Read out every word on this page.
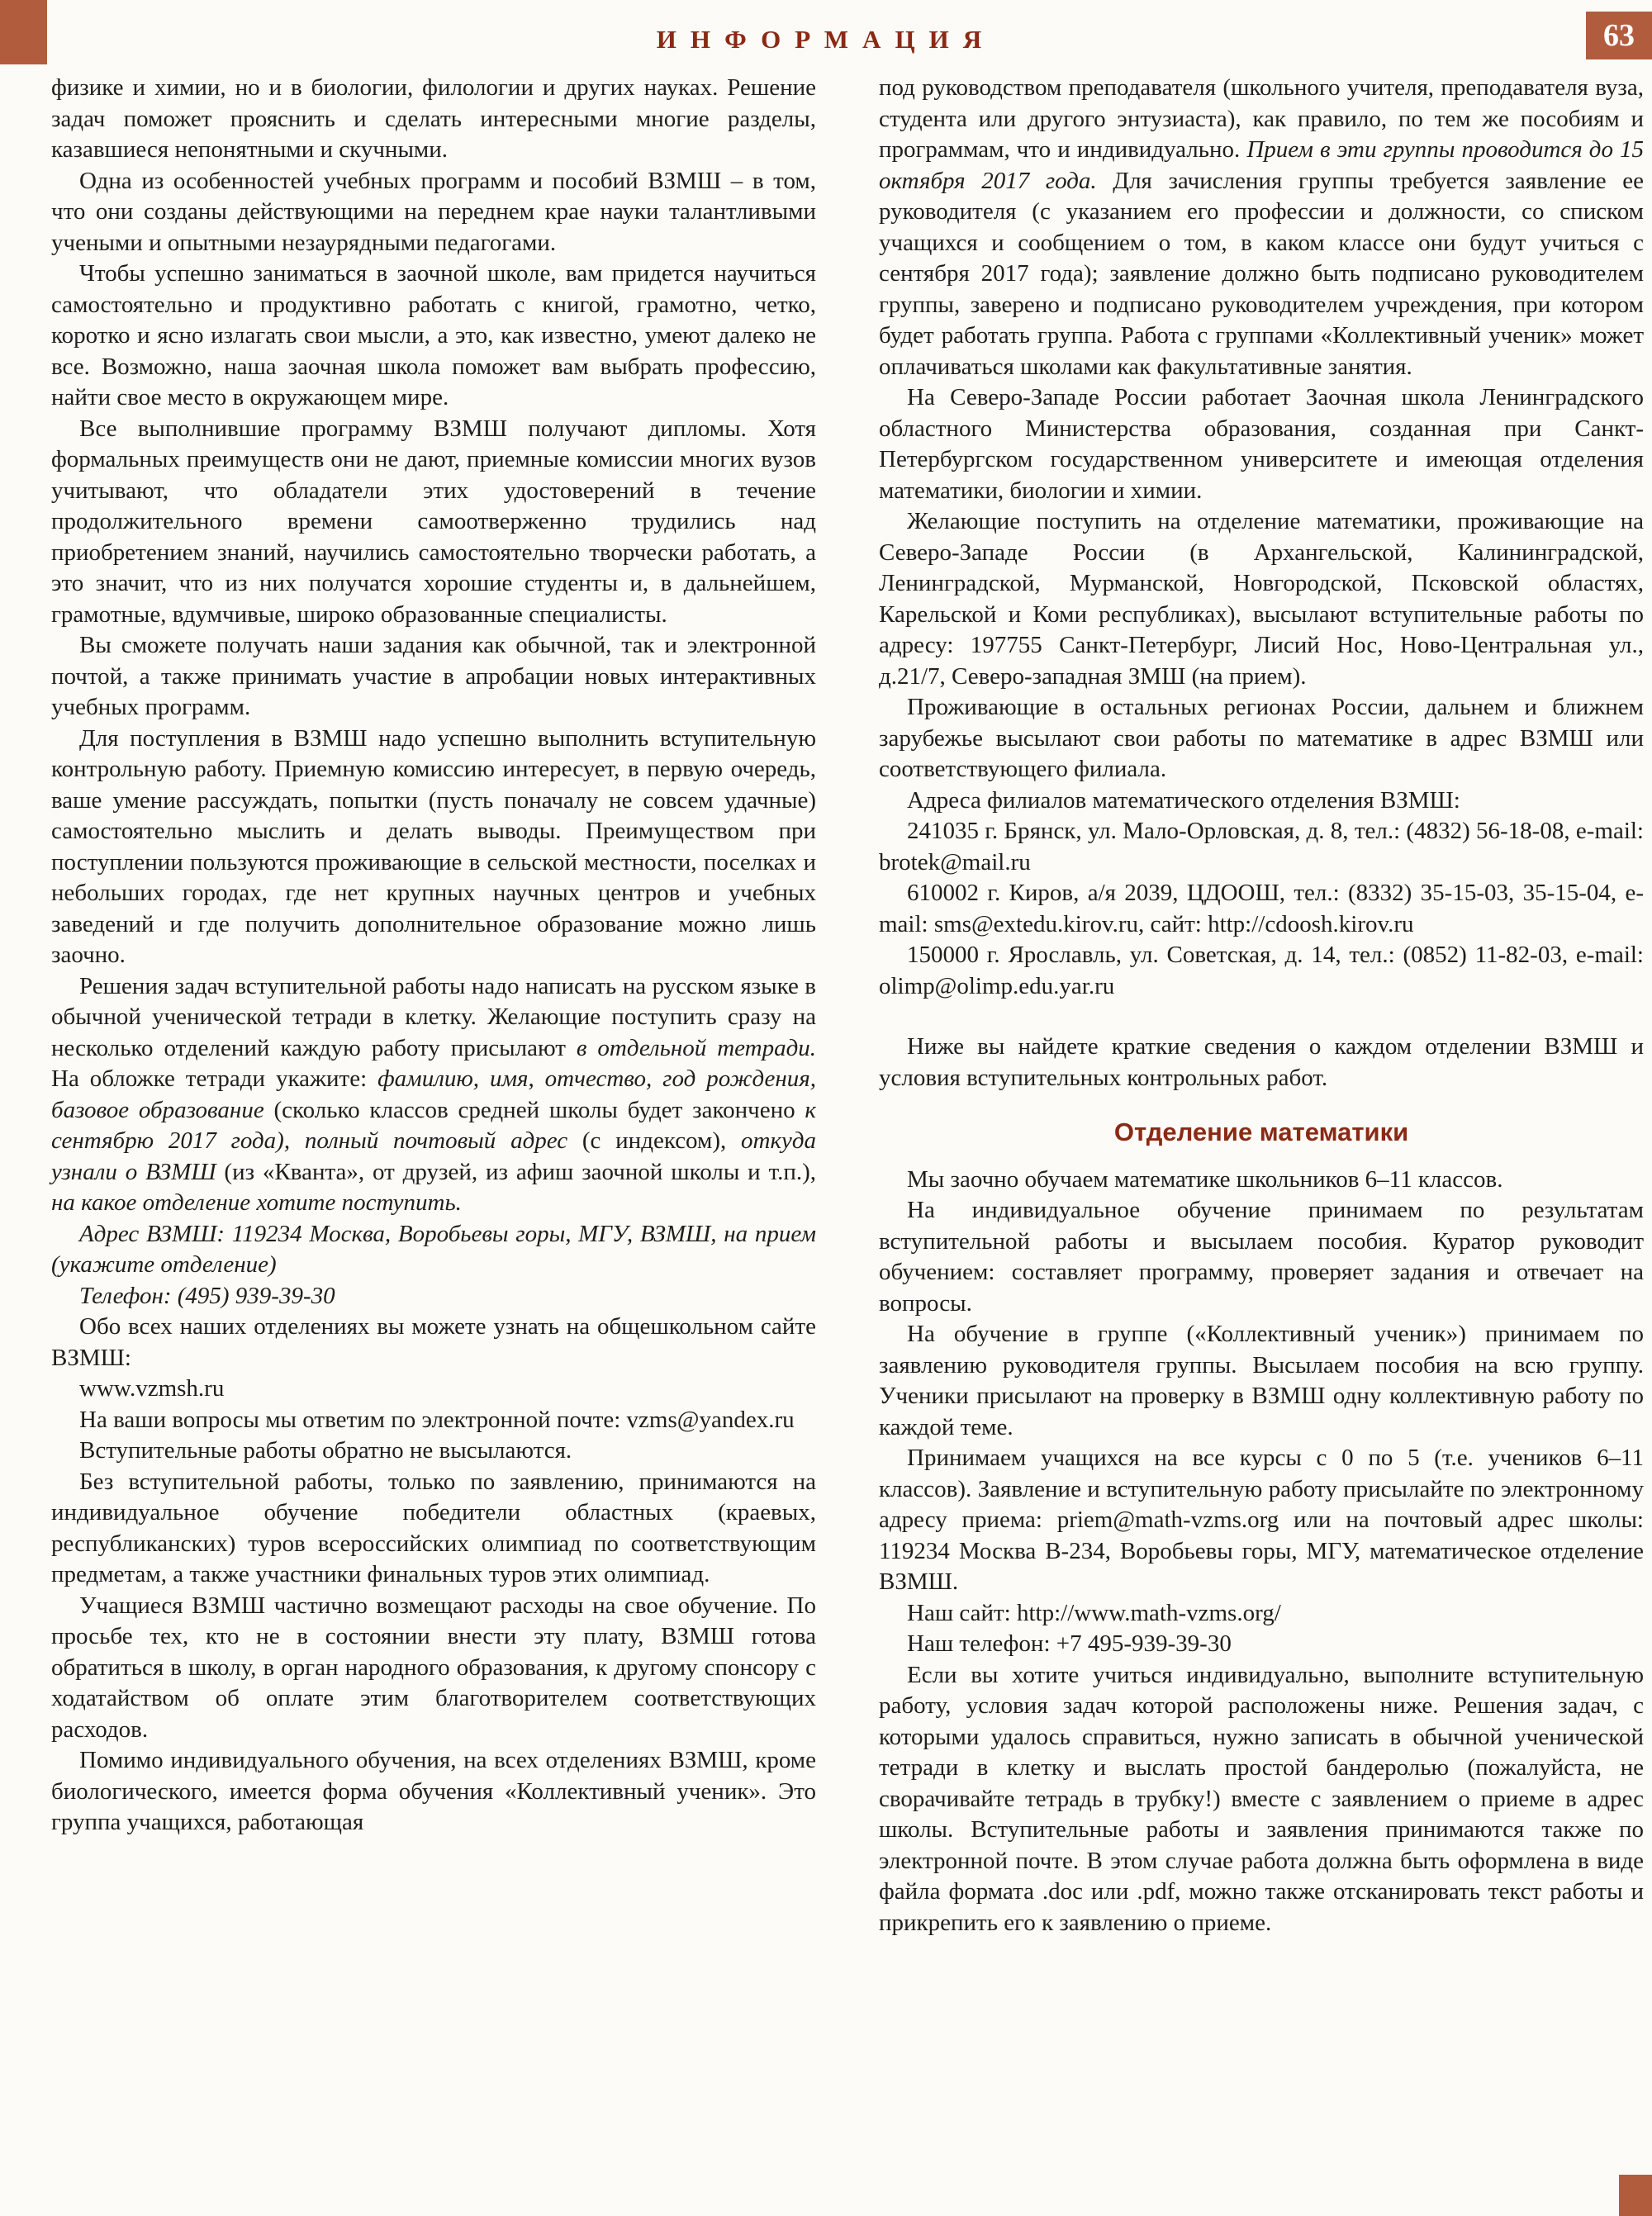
ИНФОРМАЦИЯ	63

физике и химии, но и в биологии, филологии и других науках. Решение задач поможет прояснить и сделать интересными многие разделы, казавшиеся непонятными и скучными.

Одна из особенностей учебных программ и пособий ВЗМШ – в том, что они созданы действующими на переднем крае науки талантливыми учеными и опытными незаурядными педагогами.

Чтобы успешно заниматься в заочной школе, вам придется научиться самостоятельно и продуктивно работать с книгой, грамотно, четко, коротко и ясно излагать свои мысли, а это, как известно, умеют далеко не все. Возможно, наша заочная школа поможет вам выбрать профессию, найти свое место в окружающем мире.

Все выполнившие программу ВЗМШ получают дипломы. Хотя формальных преимуществ они не дают, приемные комиссии многих вузов учитывают, что обладатели этих удостоверений в течение продолжительного времени самоотверженно трудились над приобретением знаний, научились самостоятельно творчески работать, а это значит, что из них получатся хорошие студенты и, в дальнейшем, грамотные, вдумчивые, широко образованные специалисты.

Вы сможете получать наши задания как обычной, так и электронной почтой, а также принимать участие в апробации новых интерактивных учебных программ.

Для поступления в ВЗМШ надо успешно выполнить вступительную контрольную работу. Приемную комиссию интересует, в первую очередь, ваше умение рассуждать, попытки (пусть поначалу не совсем удачные) самостоятельно мыслить и делать выводы. Преимуществом при поступлении пользуются проживающие в сельской местности, поселках и небольших городах, где нет крупных научных центров и учебных заведений и где получить дополнительное образование можно лишь заочно.

Решения задач вступительной работы надо написать на русском языке в обычной ученической тетради в клетку. Желающие поступить сразу на несколько отделений каждую работу присылают в отдельной тетради. На обложке тетради укажите: фамилию, имя, отчество, год рождения, базовое образование (сколько классов средней школы будет закончено к сентябрю 2017 года), полный почтовый адрес (с индексом), откуда узнали о ВЗМШ (из «Кванта», от друзей, из афиш заочной школы и т.п.), на какое отделение хотите поступить.

Адрес ВЗМШ: 119234 Москва, Воробьевы горы, МГУ, ВЗМШ, на прием (укажите отделение)

Телефон: (495) 939-39-30

Обо всех наших отделениях вы можете узнать на общешкольном сайте ВЗМШ:

www.vzmsh.ru

На ваши вопросы мы ответим по электронной почте: vzms@yandex.ru

Вступительные работы обратно не высылаются.

Без вступительной работы, только по заявлению, принимаются на индивидуальное обучение победители областных (краевых, республиканских) туров всероссийских олимпиад по соответствующим предметам, а также участники финальных туров этих олимпиад.

Учащиеся ВЗМШ частично возмещают расходы на свое обучение. По просьбе тех, кто не в состоянии внести эту плату, ВЗМШ готова обратиться в школу, в орган народного образования, к другому спонсору с ходатайством об оплате этим благотворителем соответствующих расходов.

Помимо индивидуального обучения, на всех отделениях ВЗМШ, кроме биологического, имеется форма обучения «Коллективный ученик». Это группа учащихся, работающая

под руководством преподавателя (школьного учителя, преподавателя вуза, студента или другого энтузиаста), как правило, по тем же пособиям и программам, что и индивидуально. Прием в эти группы проводится до 15 октября 2017 года. Для зачисления группы требуется заявление ее руководителя (с указанием его профессии и должности, со списком учащихся и сообщением о том, в каком классе они будут учиться с сентября 2017 года); заявление должно быть подписано руководителем группы, заверено и подписано руководителем учреждения, при котором будет работать группа. Работа с группами «Коллективный ученик» может оплачиваться школами как факультативные занятия.

На Северо-Западе России работает Заочная школа Ленинградского областного Министерства образования, созданная при Санкт-Петербургском государственном университете и имеющая отделения математики, биологии и химии.

Желающие поступить на отделение математики, проживающие на Северо-Западе России (в Архангельской, Калининградской, Ленинградской, Мурманской, Новгородской, Псковской областях, Карельской и Коми республиках), высылают вступительные работы по адресу: 197755 Санкт-Петербург, Лисий Нос, Ново-Центральная ул., д.21/7, Северо-западная ЗМШ (на прием).

Проживающие в остальных регионах России, дальнем и ближнем зарубежье высылают свои работы по математике в адрес ВЗМШ или соответствующего филиала.

Адреса филиалов математического отделения ВЗМШ:

241035 г. Брянск, ул. Мало-Орловская, д. 8, тел.: (4832) 56-18-08, e-mail: brotek@mail.ru

610002 г. Киров, а/я 2039, ЦДООШ, тел.: (8332) 35-15-03, 35-15-04, e-mail: sms@extedu.kirov.ru, сайт: http://cdoosh.kirov.ru

150000 г. Ярославль, ул. Советская, д. 14, тел.: (0852) 11-82-03, e-mail: olimp@olimp.edu.yar.ru

Ниже вы найдете краткие сведения о каждом отделении ВЗМШ и условия вступительных контрольных работ.

Отделение математики

Мы заочно обучаем математике школьников 6–11 классов.

На индивидуальное обучение принимаем по результатам вступительной работы и высылаем пособия. Куратор руководит обучением: составляет программу, проверяет задания и отвечает на вопросы.

На обучение в группе («Коллективный ученик») принимаем по заявлению руководителя группы. Высылаем пособия на всю группу. Ученики присылают на проверку в ВЗМШ одну коллективную работу по каждой теме.

Принимаем учащихся на все курсы с 0 по 5 (т.е. учеников 6–11 классов). Заявление и вступительную работу присылайте по электронному адресу приема: priem@math-vzms.org или на почтовый адрес школы: 119234 Москва В-234, Воробьевы горы, МГУ, математическое отделение ВЗМШ.

Наш сайт: http://www.math-vzms.org/

Наш телефон: +7 495-939-39-30

Если вы хотите учиться индивидуально, выполните вступительную работу, условия задач которой расположены ниже. Решения задач, с которыми удалось справиться, нужно записать в обычной ученической тетради в клетку и выслать простой бандеролью (пожалуйста, не сворачивайте тетрадь в трубку!) вместе с заявлением о приеме в адрес школы. Вступительные работы и заявления принимаются также по электронной почте. В этом случае работа должна быть оформлена в виде файла формата .doc или .pdf, можно также отсканировать текст работы и прикрепить его к заявлению о приеме.
